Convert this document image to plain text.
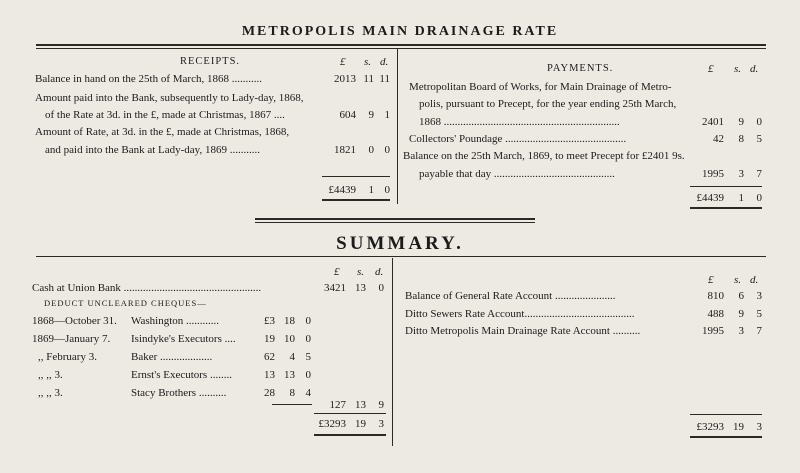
METROPOLIS MAIN DRAINAGE RATE
RECEIPTS.	£ s. d.
Balance in hand on the 25th of March, 1868 ...........	2013 11 11
Amount paid into the Bank, subsequently to Lady-day, 1868,
of the Rate at 3d. in the £, made at Christmas, 1867 ....	604	9 1
Amount of Rate, at 3d. in the £, made at Christmas, 1868,
and paid into the Bank at Lady-day, 1869 ...........	1821	0 0
£4439	1 0
PAYMENTS.	£ s. d.
Metropolitan Board of Works, for Main Drainage of Metro-
polis, pursuant to Precept, for the year ending 25th March,
1868 ................................................................	2401	9	0
Collectors' Poundage ............................................	42	8	5
Balance on the 25th March, 1869, to meet Precept for £2401 9s.
payable that day ............................................	1995	3	7
£4439	1	0
SUMMARY.
£ s. d.
Cash at Union Bank ..................................................	3421 13	0
DEDUCT UNCLEARED CHEQUES—
1868—October 31. Washington ............	£3 18 0
1869—January 7. Isindyke's Executors ....	19 10 0
,, February 3.	Baker ...................	62	4 5
,, ,, 3.	Ernst's Executors ........	13 13 0
,, ,, 3.	Stacy Brothers ..........	28	8 4
127 13	9
£3293 19	3
£ s. d.
Balance of General Rate Account ......................	810	6	3
Ditto Sewers Rate Account........................................	488	9	5
Ditto Metropolis Main Drainage Rate Account ..........	1995	3	7
£3293 19	3
